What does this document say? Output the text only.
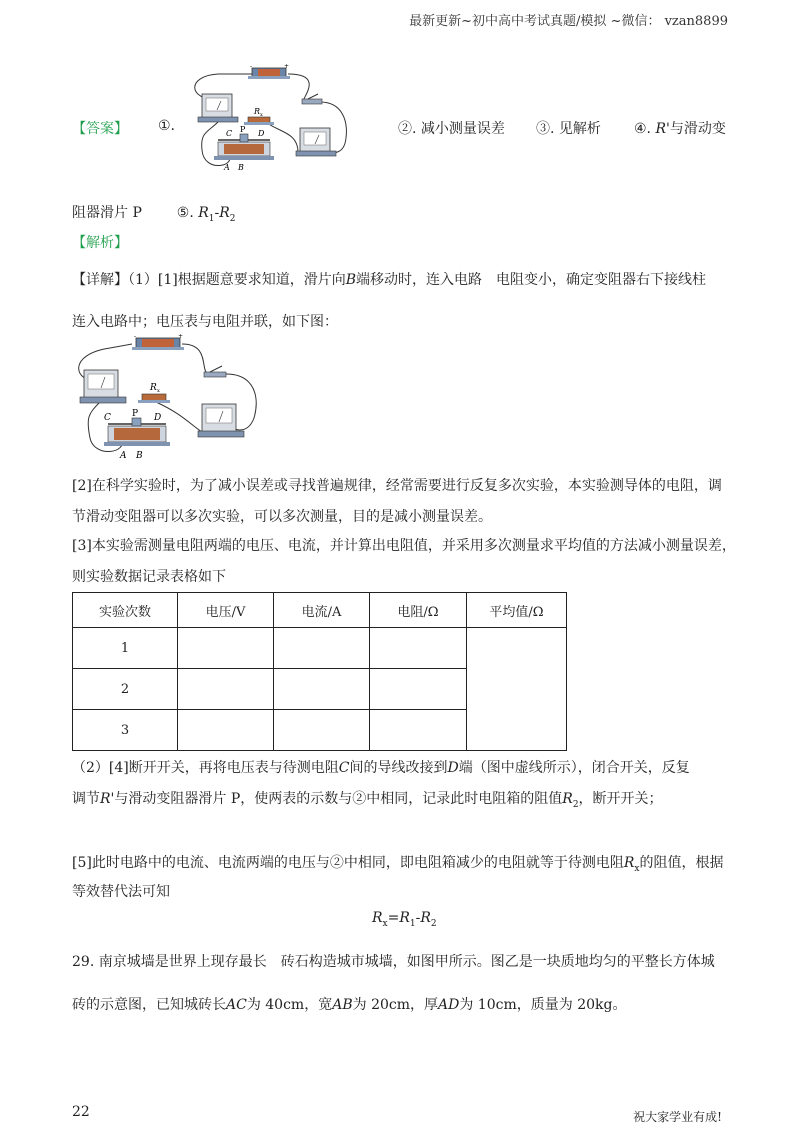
最新更新~初中高中考试真题/模拟 ~微信： vzan8899
【答案】 ①.
-	+
R x
C P D
A B
②. 减小测量误差 ③. 见解析 ④. R'与滑动变
阻器滑片 P ⑤. $R_1-R_2$
【解析】
【详解】（1）[1]根据题意要求知道，滑片向B端移动时，连入电路　电阻变小，确定变阻器右下接线柱
连入电路中；电压表与电阻并联，如下图：
-	+
R x
C P D
A B
[2]在科学实验时，为了减小误差或寻找普遍规律，经常需要进行反复多次实验，本实验测导体的电阻，调
节滑动变阻器可以多次实验，可以多次测量，目的是减小测量误差。
[3]本实验需测量电阻两端的电压、电流，并计算出电阻值，并采用多次测量求平均值的方法减小测量误差，
则实验数据记录表格如下
实验次数	电压/V	电流/A	电阻/Ω	平均值/Ω
1				
2				
3				
（2）[4]断开开关，再将电压表与待测电阻C间的导线改接到D端（图中虚线所示），闭合开关，反复
调节R'与滑动变阻器滑片 P，使两表的示数与②中相同，记录此时电阻箱的阻值$R_2$，断开开关；
[5]此时电路中的电流、电流两端的电压与②中相同，即电阻箱减少的电阻就等于待测电阻$R_x$的阻值，根据
等效替代法可知
$R_x=R_1-R_2$
29. 南京城墙是世界上现存最长　砖石构造城市城墙，如图甲所示。图乙是一块质地均匀的平整长方体城
砖的示意图，已知城砖长AC为 40cm，宽AB为 20cm，厚AD为 10cm，质量为 20kg。
22	祝大家学业有成!
